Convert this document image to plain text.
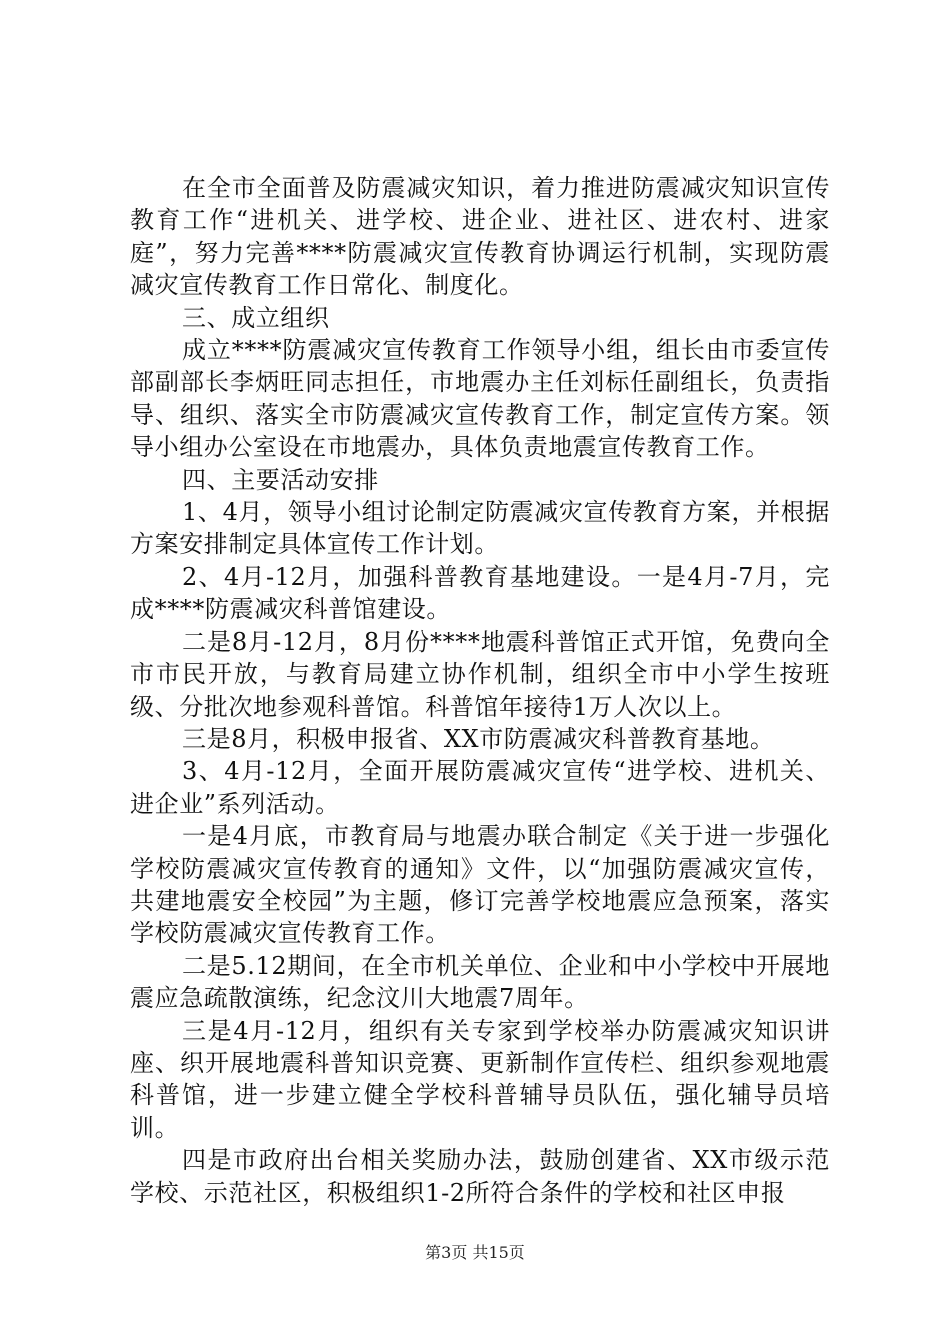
在全市全面普及防震减灾知识，着力推进防震减灾知识宣传教育工作“进机关、进学校、进企业、进社区、进农村、进家庭”，努力完善****防震减灾宣传教育协调运行机制，实现防震减灾宣传教育工作日常化、制度化。

三、成立组织

成立****防震减灾宣传教育工作领导小组，组长由市委宣传部副部长李炳旺同志担任，市地震办主任刘标任副组长，负责指导、组织、落实全市防震减灾宣传教育工作，制定宣传方案。领导小组办公室设在市地震办，具体负责地震宣传教育工作。

四、主要活动安排

1、4月，领导小组讨论制定防震减灾宣传教育方案，并根据方案安排制定具体宣传工作计划。

2、4月-12月，加强科普教育基地建设。一是4月-7月，完成****防震减灾科普馆建设。

二是8月-12月，8月份****地震科普馆正式开馆，免费向全市市民开放，与教育局建立协作机制，组织全市中小学生按班级、分批次地参观科普馆。科普馆年接待1万人次以上。

三是8月，积极申报省、XX市防震减灾科普教育基地。

3、4月-12月，全面开展防震减灾宣传“进学校、进机关、进企业”系列活动。

一是4月底，市教育局与地震办联合制定《关于进一步强化学校防震减灾宣传教育的通知》文件，以“加强防震减灾宣传，共建地震安全校园”为主题，修订完善学校地震应急预案，落实学校防震减灾宣传教育工作。

二是5.12期间，在全市机关单位、企业和中小学校中开展地震应急疏散演练，纪念汶川大地震7周年。

三是4月-12月，组织有关专家到学校举办防震减灾知识讲座、织开展地震科普知识竞赛、更新制作宣传栏、组织参观地震科普馆，进一步建立健全学校科普辅导员队伍，强化辅导员培训。

四是市政府出台相关奖励办法，鼓励创建省、XX市级示范学校、示范社区，积极组织1-2所符合条件的学校和社区申报

第3页 共15页
